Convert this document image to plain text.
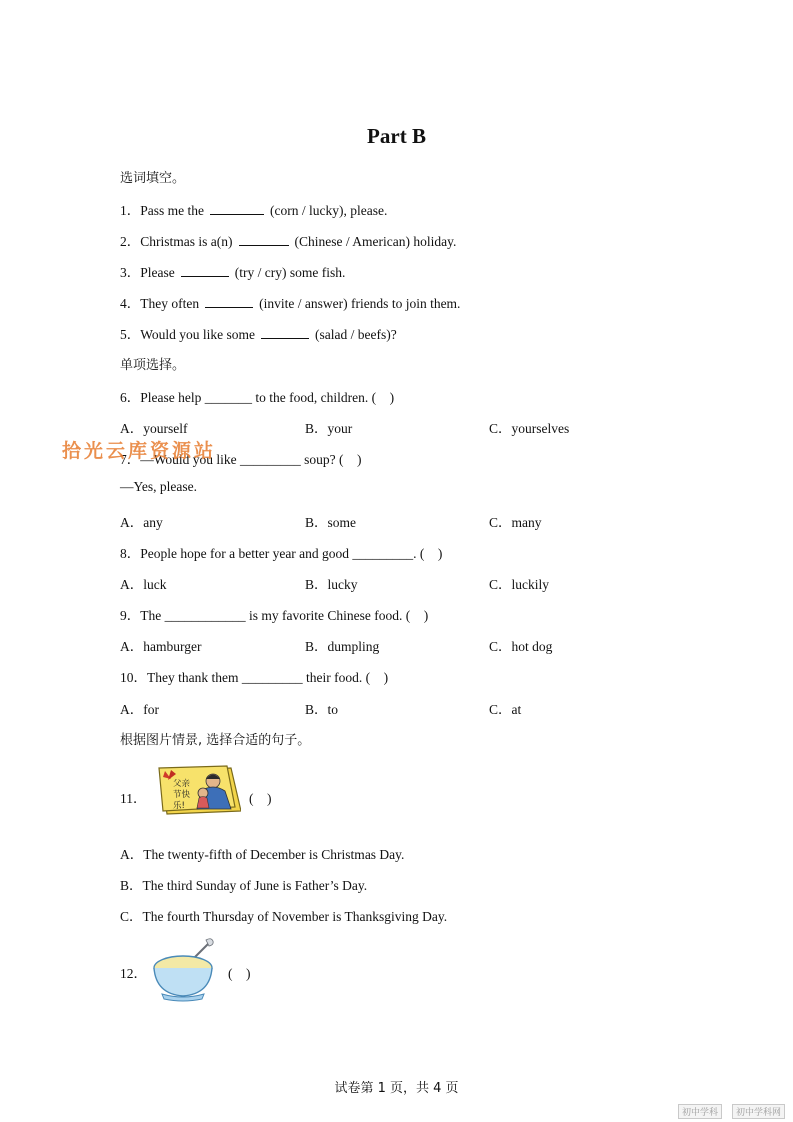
Part B
选词填空。
1．Pass me the	(corn / lucky), please.
2．Christmas is a(n)	(Chinese / American) holiday.
3．Please	(try / cry) some fish.
4．They often	(invite / answer) friends to join them.
5．Would you like some	(salad / beefs)?
单项选择。
6．Please help _______ to the food, children. (　)
A．yourself	B．your	C．yourselves
7．—Would you like _________ soup? (　)
拾光云库资源站
—Yes, please.
A．any	B．some	C．many
8．People hope for a better year and good _________. (　)
A．luck	B．lucky	C．luckily
9．The ____________ is my favorite Chinese food. (　)
A．hamburger	B．dumpling	C．hot dog
10．They thank them _________ their food. (　)
A．for	B．to	C．at
根据图片情景, 选择合适的句子。
11．
父亲节快乐!	(　)
A．The twenty-fifth of December is Christmas Day.
B．The third Sunday of June is Father’s Day.
C．The fourth Thursday of November is Thanksgiving Day.
12．	(　)
试卷第 1 页，共 4 页
初中学科 初中学科网
